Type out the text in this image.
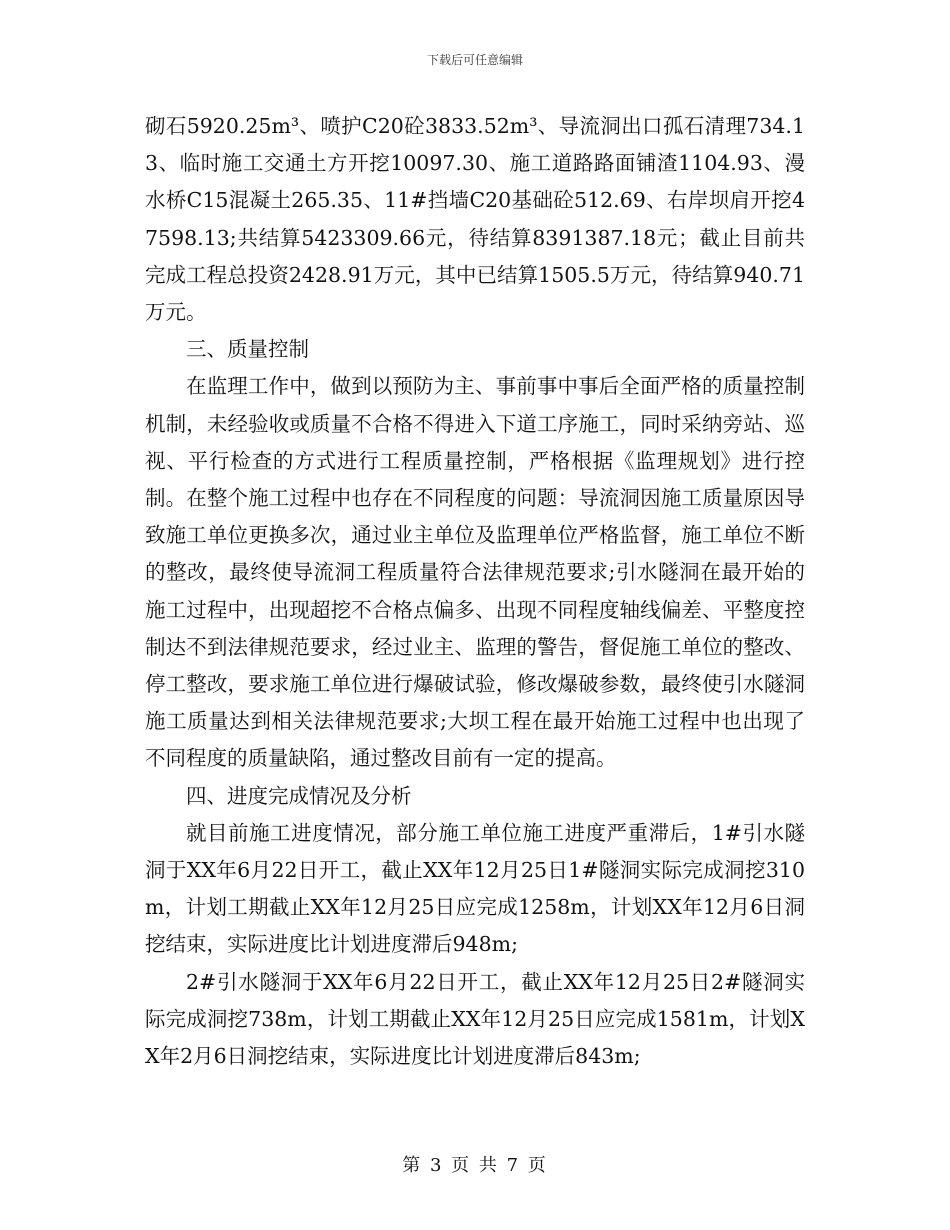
下载后可任意编辑

砌石5920.25m³、喷护C20砼3833.52m³、导流洞出口孤石清理734.13、临时施工交通土方开挖10097.30、施工道路路面铺渣1104.93、漫水桥C15混凝土265.35、11#挡墙C20基础砼512.69、右岸坝肩开挖47598.13;共结算5423309.66元，待结算8391387.18元；截止目前共完成工程总投资2428.91万元，其中已结算1505.5万元，待结算940.71万元。

三、质量控制

在监理工作中，做到以预防为主、事前事中事后全面严格的质量控制机制，未经验收或质量不合格不得进入下道工序施工，同时采纳旁站、巡视、平行检查的方式进行工程质量控制，严格根据《监理规划》进行控制。在整个施工过程中也存在不同程度的问题：导流洞因施工质量原因导致施工单位更换多次，通过业主单位及监理单位严格监督，施工单位不断的整改，最终使导流洞工程质量符合法律规范要求;引水隧洞在最开始的施工过程中，出现超挖不合格点偏多、出现不同程度轴线偏差、平整度控制达不到法律规范要求，经过业主、监理的警告，督促施工单位的整改、停工整改，要求施工单位进行爆破试验，修改爆破参数，最终使引水隧洞施工质量达到相关法律规范要求;大坝工程在最开始施工过程中也出现了不同程度的质量缺陷，通过整改目前有一定的提高。

四、进度完成情况及分析

就目前施工进度情况，部分施工单位施工进度严重滞后，1#引水隧洞于XX年6月22日开工，截止XX年12月25日1#隧洞实际完成洞挖310m，计划工期截止XX年12月25日应完成1258m，计划XX年12月6日洞挖结束，实际进度比计划进度滞后948m;

2#引水隧洞于XX年6月22日开工，截止XX年12月25日2#隧洞实际完成洞挖738m，计划工期截止XX年12月25日应完成1581m，计划XX年2月6日洞挖结束，实际进度比计划进度滞后843m;

第 3 页 共 7 页
